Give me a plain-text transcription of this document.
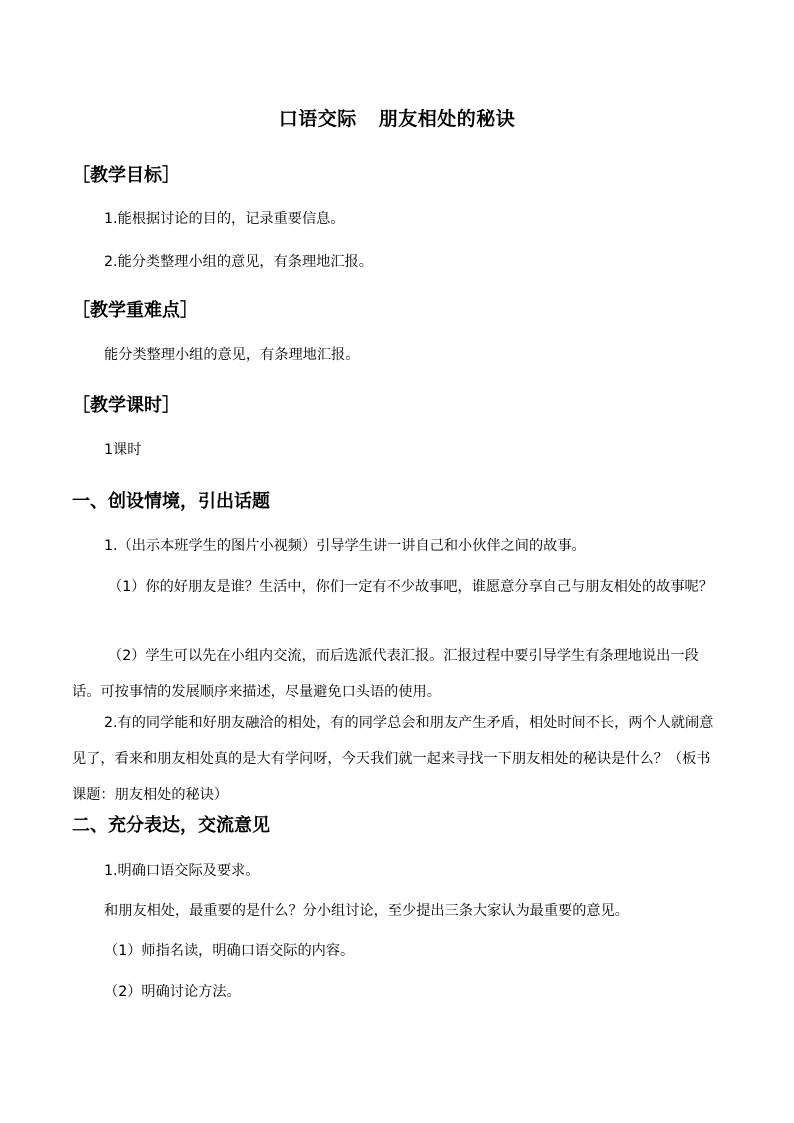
口语交际 朋友相处的秘诀
［教学目标］
1.能根据讨论的目的，记录重要信息。
2.能分类整理小组的意见，有条理地汇报。
［教学重难点］
能分类整理小组的意见，有条理地汇报。
［教学课时］
1课时
一、创设情境，引出话题
1.（出示本班学生的图片小视频）引导学生讲一讲自己和小伙伴之间的故事。
（1）你的好朋友是谁？生活中，你们一定有不少故事吧，谁愿意分享自己与朋友相处的故事呢？
（2）学生可以先在小组内交流，而后选派代表汇报。汇报过程中要引导学生有条理地说出一段话。可按事情的发展顺序来描述，尽量避免口头语的使用。
2.有的同学能和好朋友融洽的相处，有的同学总会和朋友产生矛盾，相处时间不长，两个人就闹意见了，看来和朋友相处真的是大有学问呀，今天我们就一起来寻找一下朋友相处的秘诀是什么？（板书课题：朋友相处的秘诀）
二、充分表达，交流意见
1.明确口语交际及要求。
和朋友相处，最重要的是什么？分小组讨论，至少提出三条大家认为最重要的意见。
（1）师指名读，明确口语交际的内容。
（2）明确讨论方法。
